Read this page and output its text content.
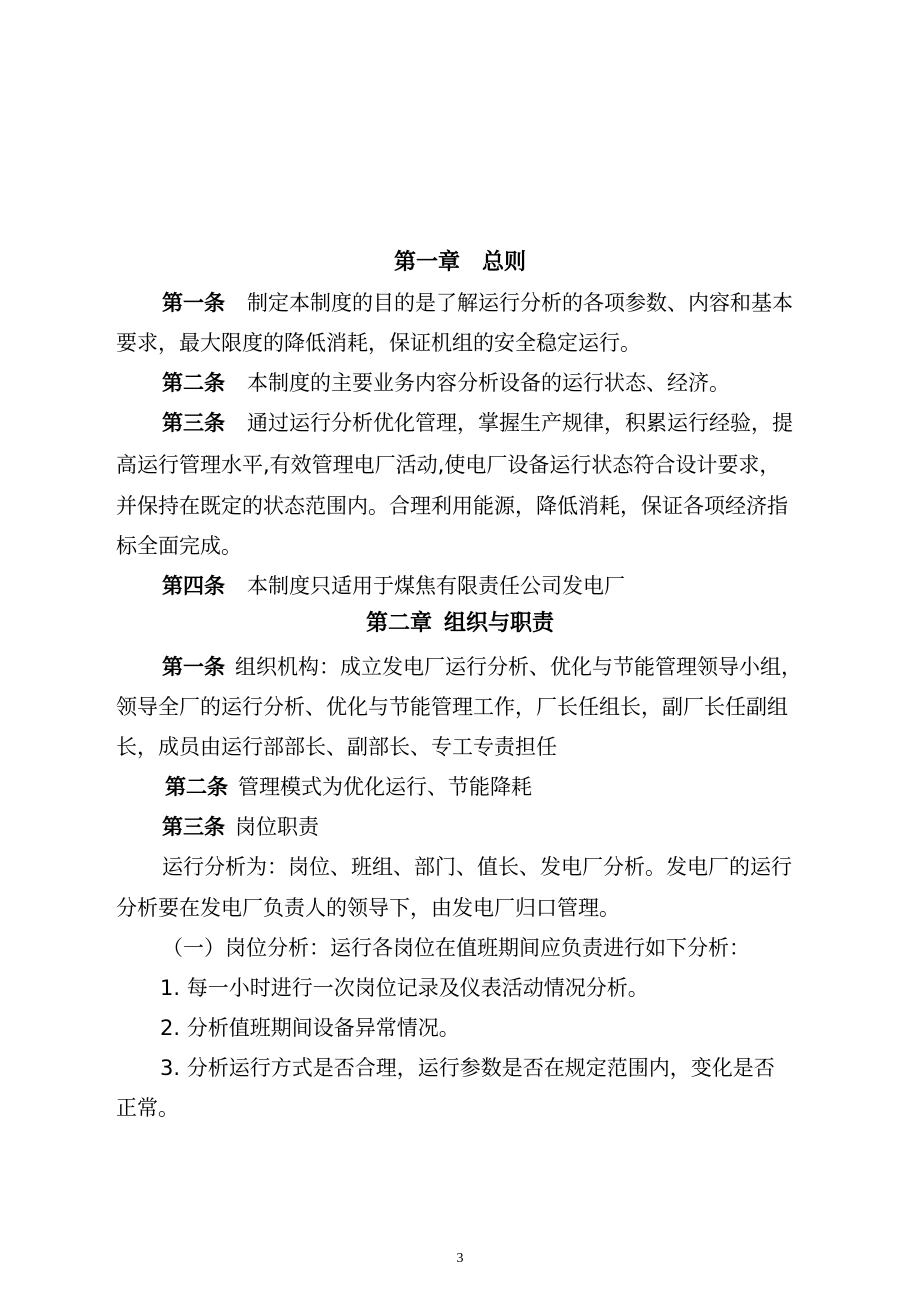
第一章 总则
第一条 制定本制度的目的是了解运行分析的各项参数、内容和基本
要求，最大限度的降低消耗，保证机组的安全稳定运行。
第二条 本制度的主要业务内容分析设备的运行状态、经济。
第三条 通过运行分析优化管理，掌握生产规律，积累运行经验，提
高运行管理水平,有效管理电厂活动,使电厂设备运行状态符合设计要求，
并保持在既定的状态范围内。合理利用能源，降低消耗，保证各项经济指
标全面完成。
第四条 本制度只适用于煤焦有限责任公司发电厂
第二章 组织与职责
第一条 组织机构：成立发电厂运行分析、优化与节能管理领导小组，
领导全厂的运行分析、优化与节能管理工作，厂长任组长，副厂长任副组
长，成员由运行部部长、副部长、专工专责担任
第二条 管理模式为优化运行、节能降耗
第三条 岗位职责
运行分析为：岗位、班组、部门、值长、发电厂分析。发电厂的运行
分析要在发电厂负责人的领导下，由发电厂归口管理。
（一）岗位分析：运行各岗位在值班期间应负责进行如下分析：
1. 每一小时进行一次岗位记录及仪表活动情况分析。
2. 分析值班期间设备异常情况。
3. 分析运行方式是否合理，运行参数是否在规定范围内，变化是否
正常。
3
